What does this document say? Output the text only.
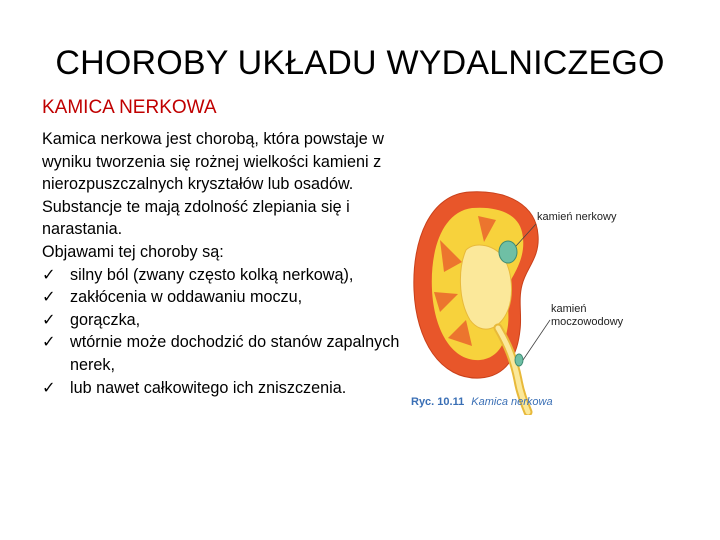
CHOROBY UKŁADU WYDALNICZEGO
KAMICA NERKOWA

Kamica nerkowa jest chorobą, która powstaje w wyniku tworzenia się rożnej wielkości kamieni z nierozpuszczalnych kryształów lub osadów. Substancje te mają zdolność zlepiania się i narastania.

Objawami tej choroby są:

✓ silny ból (zwany często kolką nerkową),
✓ zakłócenia w oddawaniu moczu,
✓ gorączka,
✓ wtórnie może dochodzić do stanów zapalnych nerek,
✓ lub nawet całkowitego ich zniszczenia.
kamień nerkowy
kamień
moczowodowy
Ryc. 10.11 Kamica nerkowa
